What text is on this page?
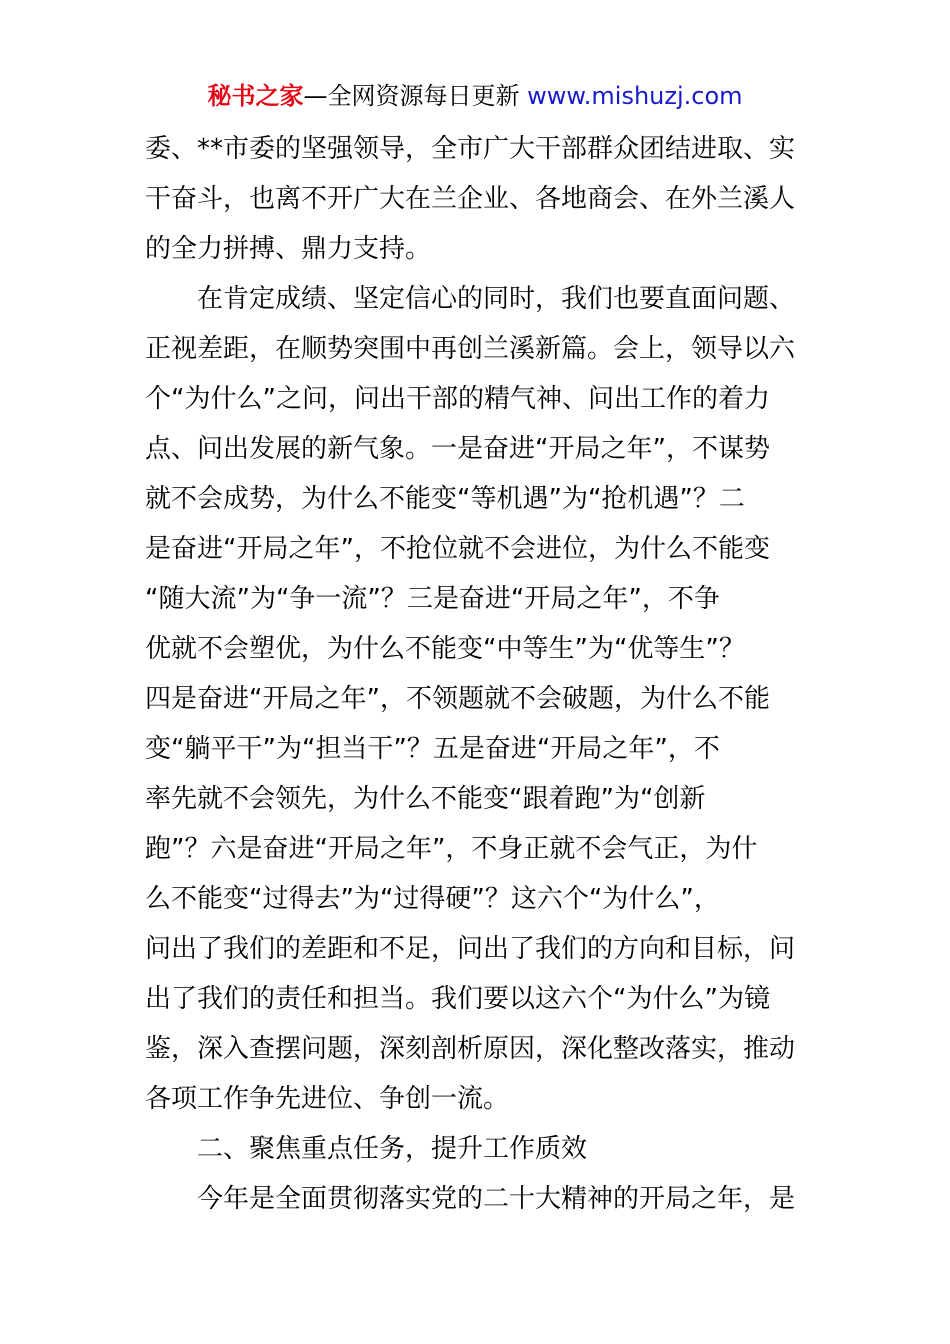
秘书之家—全网资源每日更新 www.mishuzj.com
委、**市委的坚强领导，全市广大干部群众团结进取、实
干奋斗，也离不开广大在兰企业、各地商会、在外兰溪人
的全力拼搏、鼎力支持。
在肯定成绩、坚定信心的同时，我们也要直面问题、
正视差距，在顺势突围中再创兰溪新篇。会上，领导以六
个“为什么”之问，问出干部的精气神、问出工作的着力
点、问出发展的新气象。一是奋进“开局之年”，不谋势
就不会成势，为什么不能变“等机遇”为“抢机遇”？二
是奋进“开局之年”，不抢位就不会进位，为什么不能变
“随大流”为“争一流”？三是奋进“开局之年”，不争
优就不会塑优，为什么不能变“中等生”为“优等生”？
四是奋进“开局之年”，不领题就不会破题，为什么不能
变“躺平干”为“担当干”？五是奋进“开局之年”，不
率先就不会领先，为什么不能变“跟着跑”为“创新
跑”？六是奋进“开局之年”，不身正就不会气正，为什
么不能变“过得去”为“过得硬”？这六个“为什么”，
问出了我们的差距和不足，问出了我们的方向和目标，问
出了我们的责任和担当。我们要以这六个“为什么”为镜
鉴，深入查摆问题，深刻剖析原因，深化整改落实，推动
各项工作争先进位、争创一流。
二、聚焦重点任务，提升工作质效
今年是全面贯彻落实党的二十大精神的开局之年，是
